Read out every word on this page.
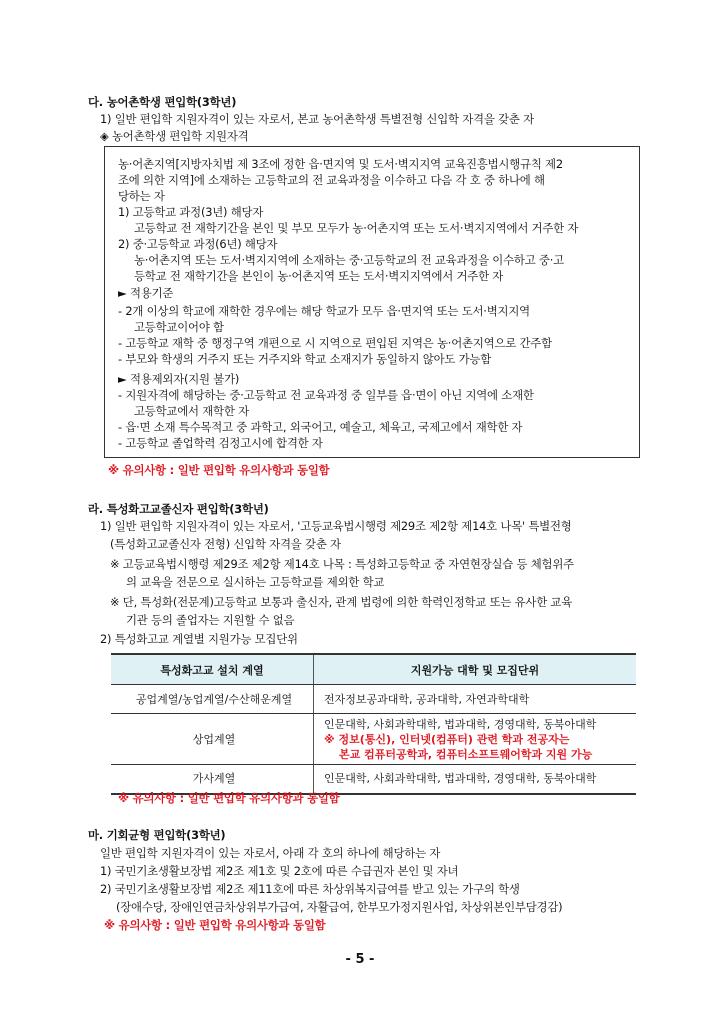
다. 농어촌학생 편입학(3학년)
1) 일반 편입학 지원자격이 있는 자로서, 본교 농어촌학생 특별전형 신입학 자격을 갖춘 자
◈ 농어촌학생 편입학 지원자격
농·어촌지역[지방자치법 제 3조에 정한 읍·면지역 및 도서·벽지지역 교육진흥법시행규칙 제2
조에 의한 지역]에 소재하는 고등학교의 전 교육과정을 이수하고 다음 각 호 중 하나에 해
당하는 자
1) 고등학교 과정(3년) 해당자
고등학교 전 재학기간을 본인 및 부모 모두가 농·어촌지역 또는 도서·벽지지역에서 거주한 자
2) 중·고등학교 과정(6년) 해당자
농·어촌지역 또는 도서·벽지지역에 소재하는 중·고등학교의 전 교육과정을 이수하고 중·고
등학교 전 재학기간을 본인이 농·어촌지역 또는 도서·벽지지역에서 거주한 자
► 적용기준
- 2개 이상의 학교에 재학한 경우에는 해당 학교가 모두 읍·면지역 또는 도서·벽지지역
고등학교이어야 함
- 고등학교 재학 중 행정구역 개편으로 시 지역으로 편입된 지역은 농·어촌지역으로 간주함
- 부모와 학생의 거주지 또는 거주지와 학교 소재지가 동일하지 않아도 가능함
► 적용제외자(지원 불가)
- 지원자격에 해당하는 중·고등학교 전 교육과정 중 일부를 읍·면이 아닌 지역에 소재한
고등학교에서 재학한 자
- 읍·면 소재 특수목적고 중 과학고, 외국어고, 예술고, 체육고, 국제고에서 재학한 자
- 고등학교 졸업학력 검정고시에 합격한 자
※ 유의사항 : 일반 편입학 유의사항과 동일함
라. 특성화고교졸신자 편입학(3학년)
1) 일반 편입학 지원자격이 있는 자로서, '고등교육법시행령 제29조 제2항 제14호 나목' 특별전형
(특성화고교졸신자 전형) 신입학 자격을 갖춘 자
※ 고등교육법시행령 제29조 제2항 제14호 나목 : 특성화고등학교 중 자연현장실습 등 체험위주
의 교육을 전문으로 실시하는 고등학교를 제외한 학교
※ 단, 특성화(전문계)고등학교 보통과 출신자, 관계 법령에 의한 학력인정학교 또는 유사한 교육
기관 등의 졸업자는 지원할 수 없음
2) 특성화고교 계열별 지원가능 모집단위
특성화고교 설치 계열	지원가능 대학 및 모집단위
공업계열/농업계열/수산해운계열	전자정보공과대학, 공과대학, 자연과학대학
상업계열	인문대학, 사회과학대학, 법과대학, 경영대학, 동북아대학
※ 정보(통신), 인터넷(컴퓨터) 관련 학과 전공자는
본교 컴퓨터공학과, 컴퓨터소프트웨어학과 지원 가능

가사계열	인문대학, 사회과학대학, 법과대학, 경영대학, 동북아대학
※ 유의사항 : 일반 편입학 유의사항과 동일함
마. 기회균형 편입학(3학년)
일반 편입학 지원자격이 있는 자로서, 아래 각 호의 하나에 해당하는 자
1) 국민기초생활보장법 제2조 제1호 및 2호에 따른 수급권자 본인 및 자녀
2) 국민기초생활보장법 제2조 제11호에 따른 차상위복지급여를 받고 있는 가구의 학생
(장애수당, 장애인연금차상위부가급여, 자활급여, 한부모가정지원사업, 차상위본인부담경감)
※ 유의사항 : 일반 편입학 유의사항과 동일함
- 5 -
